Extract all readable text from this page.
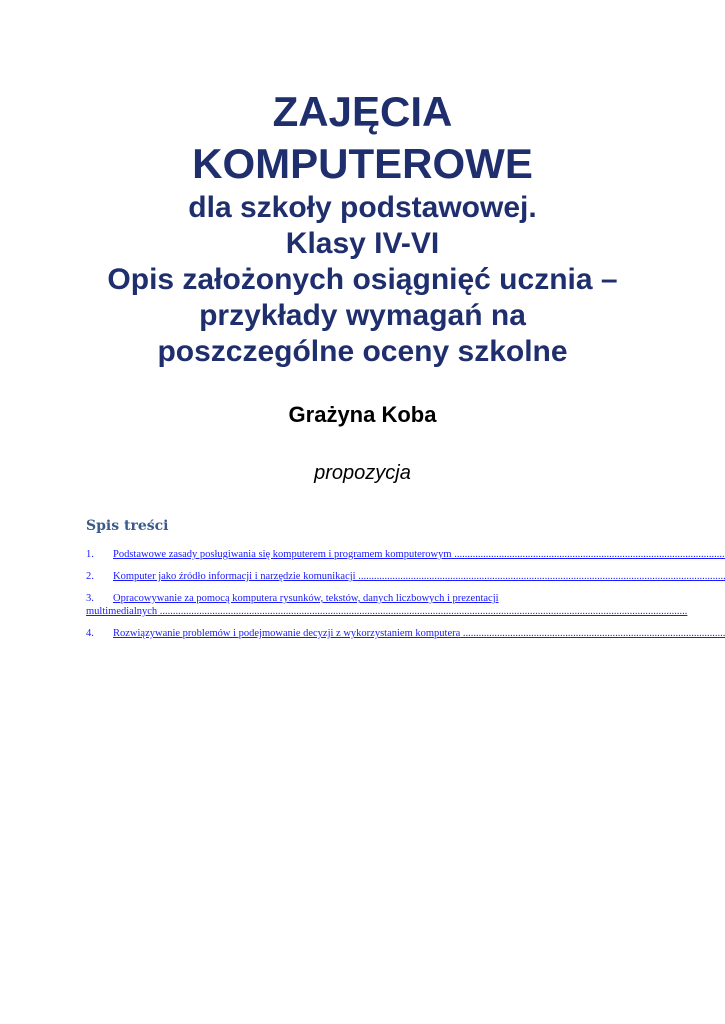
ZAJĘCIA
KOMPUTEROWE
dla szkoły podstawowej.
Klasy IV-VI
Opis założonych osiągnięć ucznia –
przykłady wymagań na
poszczególne oceny szkolne
Grażyna Koba
propozycja
Spis treści
1. Podstawowe zasady posługiwania się komputerem i programem komputerowym .....
2. Komputer jako źródło informacji i narzędzie komunikacji .....
3. Opracowywanie za pomocą komputera rysunków, tekstów, danych liczbowych i prezentacji
multimedialnych .....
4. Rozwiązywanie problemów i podejmowanie decyzji z wykorzystaniem komputera .....
